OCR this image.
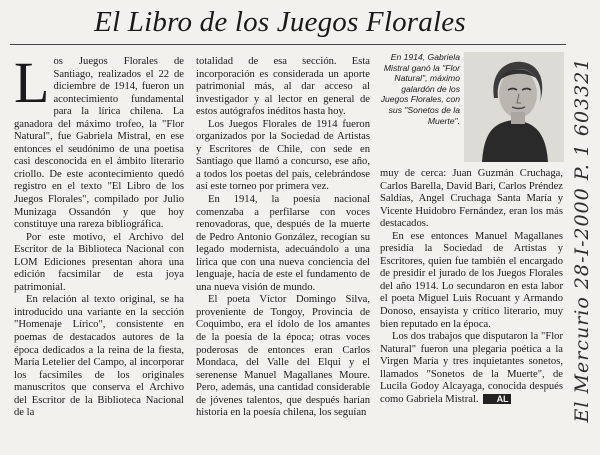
El Libro de los Juegos Florales

Los Juegos Florales de Santiago, realizados el 22 de diciembre de 1914, fueron un acontecimiento fundamental para la lírica chilena. La ganadora del máximo trofeo, la "Flor Natural", fue Gabriela Mistral, en ese entonces el seudónimo de una poetisa casi desconocida en el ámbito literario criollo. De este acontecimiento quedó registro en el texto "El Libro de los Juegos Florales", compilado por Julio Munizaga Ossandón y que hoy constituye una rareza bibliográfica.

Por este motivo, el Archivo del Escritor de la Biblioteca Nacional con LOM Ediciones presentan ahora una edición facsimilar de esta joya patrimonial.

En relación al texto original, se ha introducido una variante en la sección "Homenaje Lírico", consistente en poemas de destacados autores de la época dedicados a la reina de la fiesta, María Letelier del Campo, al incorporar los facsímiles de los originales manuscritos que conserva el Archivo del Escritor de la Biblioteca Nacional de la

totalidad de esa sección. Esta incorporación es considerada un aporte patrimonial más, al dar acceso al investigador y al lector en general de estos autógrafos inéditos hasta hoy.

Los Juegos Florales de 1914 fueron organizados por la Sociedad de Artistas y Escritores de Chile, con sede en Santiago que llamó a concurso, ese año, a todos los poetas del país, celebrándose así este torneo por primera vez.

En 1914, la poesía nacional comenzaba a perfilarse con voces renovadoras, que, después de la muerte de Pedro Antonio González, recogían su legado modernista, adecuándolo a una lírica que con una nueva conciencia del lenguaje, hacía de este el fundamento de una nueva visión de mundo.

El poeta Víctor Domingo Silva, proveniente de Tongoy, Provincia de Coquimbo, era el ídolo de los amantes de la poesía de la época; otras voces poderosas de entonces eran Carlos Mondaca, del Valle del Elqui y el serenense Manuel Magallanes Moure. Pero, además, una cantidad considerable de jóvenes talentos, que después harían historia en la poesía chilena, los seguían

En 1914, Gabriela Mistral ganó la "Flor Natural", máximo galardón de los Juegos Florales, con sus "Sonetos de la Muerte".

muy de cerca: Juan Guzmán Cruchaga, Carlos Barella, David Bari, Carlos Préndez Saldías, Angel Cruchaga Santa María y Vicente Huidobro Fernández, eran los más destacados.

En ese entonces Manuel Magallanes presidía la Sociedad de Artistas y Escritores, quien fue también el encargado de presidir el jurado de los Juegos Florales del año 1914. Lo secundaron en esta labor el poeta Miguel Luis Rocuant y Armando Donoso, ensayista y crítico literario, muy bien reputado en la época.

Los dos trabajos que disputaron la "Flor Natural" fueron una plegaria poética a la Virgen María y tres inquietantes sonetos, llamados "Sonetos de la Muerte", de Lucila Godoy Alcayaga, conocida después como Gabriela Mistral. AL	El Mercurio 28-I-2000 P. 1 603321
